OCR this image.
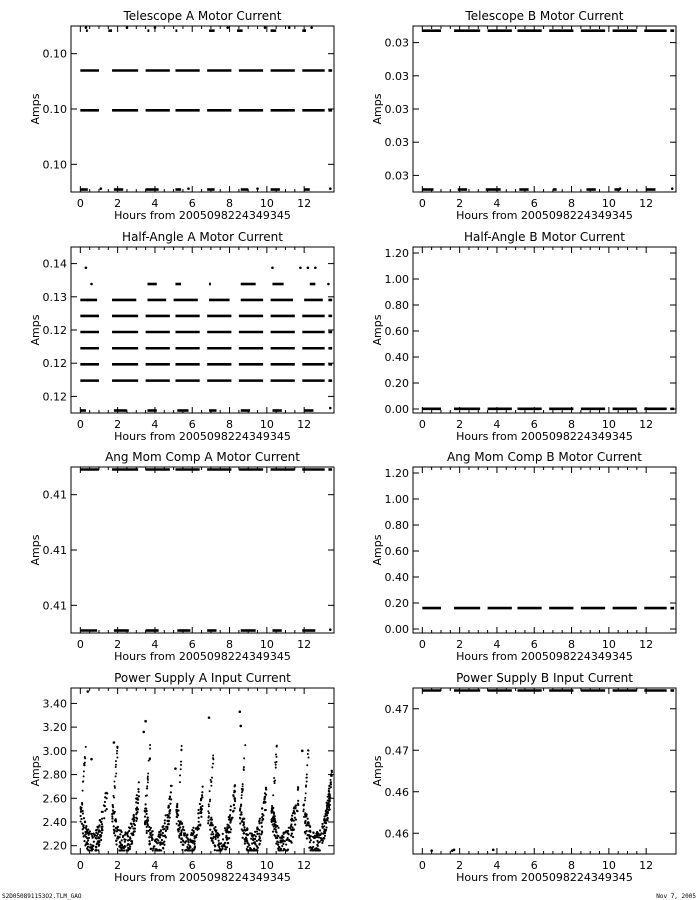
Telescope A Motor Current
0	2	4	6	8 10 12
Hours from 2005098224349345
Amps
0.10
0.10
0.10
Telescope B Motor Current
0	2	4	6	8 10 12
Hours from 2005098224349345
Amps
0.03
0.03
0.03
0.03
0.03
Half-Angle A Motor Current
0	2	4	6	8 10 12
Hours from 2005098224349345
Amps
0.12
0.12
0.12
0.13
0.14
Half-Angle B Motor Current
0	2	4	6	8 10 12
Hours from 2005098224349345
Amps
0.00
0.20
0.40
0.60
0.80
1.00
1.20
Ang Mom Comp A Motor Current
0	2	4	6	8 10 12
Hours from 2005098224349345
Amps
0.41
0.41
0.41
Ang Mom Comp B Motor Current
0	2	4	6	8 10 12
Hours from 2005098224349345
Amps
0.00
0.20
0.40
0.60
0.80
1.00
1.20
Power Supply A Input Current
0	2	4	6	8 10 12
Hours from 2005098224349345
Amps
2.20
2.40
2.60
2.80
3.00
3.20
3.40
Power Supply B Input Current
0	2	4	6	8 10 12
Hours from 2005098224349345
Amps
0.46
0.46
0.47
0.47
S2D050891153O2.TLM_GAO	Nov 7, 2005
